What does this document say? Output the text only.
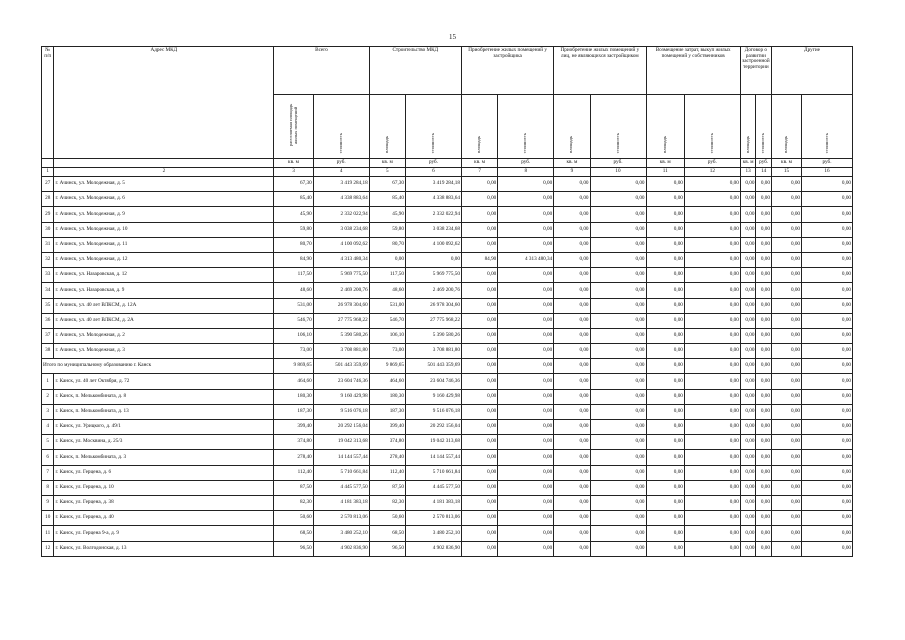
15
№
п/п	Адрес МКД	Всего		Строительство МКД		Приобретение жилых помещений у застройщика		Приобретение жилых помещений у лиц, не являющихся застройщиком		Возмещение затрат, выкуп жилых помещений у собственников		Договор о развитии застроенной территории		Другие	
		расселяемая площадь жилых помещений	стоимость	площадь	стоимость	площадь	стоимость	площадь	стоимость	площадь	стоимость	площадь	стоимость	площадь	стоимость
		кв. м	руб.	кв. м	руб.	кв. м	руб.	кв. м	руб.	кв. м	руб.	кв. м	руб.	кв. м	руб.
1	2	3	4	5	6	7	8	9	10	11	12	13	14	15	16
27	г. Ачинск, ул. Молодежная, д. 5	67,30	3 419 284,18	67,30	3 419 284,18	0,00	0,00	0,00	0,00	0,00	0,00	0,00	0,00	0,00	0,00
28	г. Ачинск, ул. Молодежная, д. 6	85,40	4 338 883,64	85,40	4 338 883,64	0,00	0,00	0,00	0,00	0,00	0,00	0,00	0,00	0,00	0,00
29	г. Ачинск, ул. Молодежная, д. 9	45,90	2 332 022,94	45,90	2 332 022,94	0,00	0,00	0,00	0,00	0,00	0,00	0,00	0,00	0,00	0,00
30	г. Ачинск, ул. Молодежная, д. 10	59,80	3 038 234,68	59,80	3 038 234,68	0,00	0,00	0,00	0,00	0,00	0,00	0,00	0,00	0,00	0,00
31	г. Ачинск, ул. Молодежная, д. 11	80,70	4 100 092,62	80,70	4 100 092,62	0,00	0,00	0,00	0,00	0,00	0,00	0,00	0,00	0,00	0,00
32	г. Ачинск, ул. Молодежная, д. 12	84,90	4 313 480,34	0,00	0,00	84,90	4 313 480,34	0,00	0,00	0,00	0,00	0,00	0,00	0,00	0,00
33	г. Ачинск, ул. Назаровская, д. 12	117,50	5 969 775,50	117,50	5 969 775,50	0,00	0,00	0,00	0,00	0,00	0,00	0,00	0,00	0,00	0,00
34	г. Ачинск, ул. Назаровская, д. 9	48,60	2 469 200,76	48,60	2 469 200,76	0,00	0,00	0,00	0,00	0,00	0,00	0,00	0,00	0,00	0,00
35	г. Ачинск, ул. 40 лет ВЛКСМ, д. 12А	531,00	26 978 304,60	531,00	26 978 304,60	0,00	0,00	0,00	0,00	0,00	0,00	0,00	0,00	0,00	0,00
36	г. Ачинск, ул. 40 лет ВЛКСМ, д. 2А	546,70	27 775 968,22	546,70	27 775 968,22	0,00	0,00	0,00	0,00	0,00	0,00	0,00	0,00	0,00	0,00
37	г. Ачинск, ул. Молодежная, д. 2	106,10	5 390 580,26	106,10	5 390 580,26	0,00	0,00	0,00	0,00	0,00	0,00	0,00	0,00	0,00	0,00
38	г. Ачинск, ул. Молодежная, д. 3	73,00	3 708 881,80	73,00	3 708 881,80	0,00	0,00	0,00	0,00	0,00	0,00	0,00	0,00	0,00	0,00
Итого по муниципальному образованию г. Канск		9 869,65	501 443 359,69	9 869,65	501 443 359,69	0,00	0,00	0,00	0,00	0,00	0,00	0,00	0,00	0,00	0,00
1	г. Канск, ул. 40 лет Октября, д. 72	464,60	23 604 746,36	464,60	23 604 746,36	0,00	0,00	0,00	0,00	0,00	0,00	0,00	0,00	0,00	0,00
2	г. Канск, п. Мелькомбината, д. 8	180,30	9 160 429,98	180,30	9 160 429,98	0,00	0,00	0,00	0,00	0,00	0,00	0,00	0,00	0,00	0,00
3	г. Канск, п. Мелькомбината, д. 13	187,30	9 516 076,18	187,30	9 516 076,18	0,00	0,00	0,00	0,00	0,00	0,00	0,00	0,00	0,00	0,00
4	г. Канск, ул. Урицкого, д. 49/1	399,40	20 292 156,04	399,40	20 292 156,04	0,00	0,00	0,00	0,00	0,00	0,00	0,00	0,00	0,00	0,00
5	г. Канск, ул. Москвина, д. 25/3	374,80	19 042 313,68	374,80	19 042 313,68	0,00	0,00	0,00	0,00	0,00	0,00	0,00	0,00	0,00	0,00
6	г. Канск, п. Мелькомбината, д. 3	278,40	14 144 557,44	278,40	14 144 557,44	0,00	0,00	0,00	0,00	0,00	0,00	0,00	0,00	0,00	0,00
7	г. Канск, ул. Герцена, д. 6	112,40	5 710 661,84	112,40	5 710 661,84	0,00	0,00	0,00	0,00	0,00	0,00	0,00	0,00	0,00	0,00
8	г. Канск, ул. Герцена, д. 10	87,50	4 445 577,50	87,50	4 445 577,50	0,00	0,00	0,00	0,00	0,00	0,00	0,00	0,00	0,00	0,00
9	г. Канск, ул. Герцена, д. 38	82,30	4 181 383,18	82,30	4 181 383,18	0,00	0,00	0,00	0,00	0,00	0,00	0,00	0,00	0,00	0,00
10	г. Канск, ул. Герцена, д. 40	50,60	2 570 813,06	50,60	2 570 813,06	0,00	0,00	0,00	0,00	0,00	0,00	0,00	0,00	0,00	0,00
11	г. Канск, ул. Герцена 9-а, д. 9	68,50	3 480 252,10	68,50	3 480 252,10	0,00	0,00	0,00	0,00	0,00	0,00	0,00	0,00	0,00	0,00
12	г. Канск, ул. Волгодонская, д. 13	96,50	4 902 836,90	96,50	4 902 836,90	0,00	0,00	0,00	0,00	0,00	0,00	0,00	0,00	0,00	0,00
